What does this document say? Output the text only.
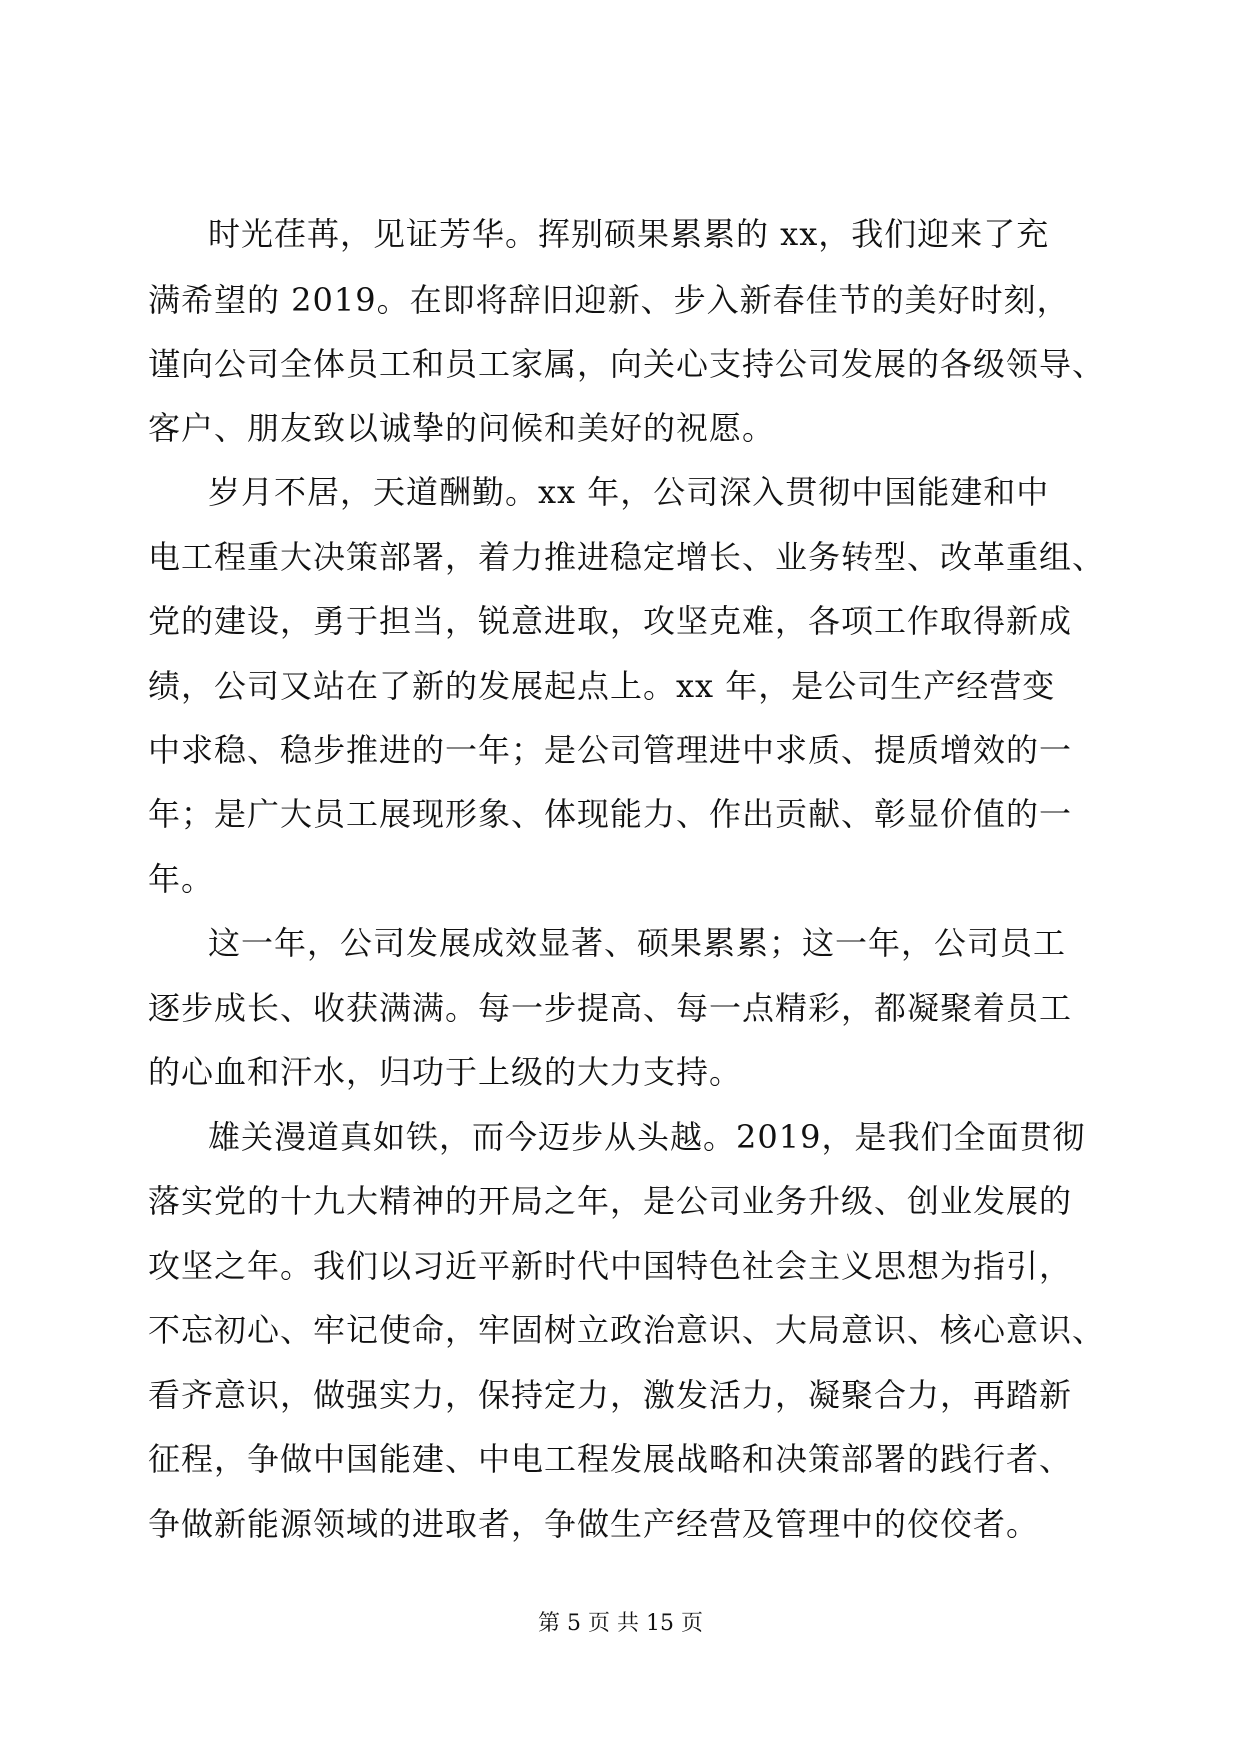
时光荏苒，见证芳华。挥别硕果累累的 xx，我们迎来了充
满希望的 2019。在即将辞旧迎新、步入新春佳节的美好时刻，
谨向公司全体员工和员工家属，向关心支持公司发展的各级领导、
客户、朋友致以诚挚的问候和美好的祝愿。
岁月不居，天道酬勤。xx 年，公司深入贯彻中国能建和中
电工程重大决策部署，着力推进稳定增长、业务转型、改革重组、
党的建设，勇于担当，锐意进取，攻坚克难，各项工作取得新成
绩，公司又站在了新的发展起点上。xx 年，是公司生产经营变
中求稳、稳步推进的一年；是公司管理进中求质、提质增效的一
年；是广大员工展现形象、体现能力、作出贡献、彰显价值的一
年。
这一年，公司发展成效显著、硕果累累；这一年，公司员工
逐步成长、收获满满。每一步提高、每一点精彩，都凝聚着员工
的心血和汗水，归功于上级的大力支持。
雄关漫道真如铁，而今迈步从头越。2019，是我们全面贯彻
落实党的十九大精神的开局之年，是公司业务升级、创业发展的
攻坚之年。我们以习近平新时代中国特色社会主义思想为指引，
不忘初心、牢记使命，牢固树立政治意识、大局意识、核心意识、
看齐意识，做强实力，保持定力，激发活力，凝聚合力，再踏新
征程，争做中国能建、中电工程发展战略和决策部署的践行者、
争做新能源领域的进取者，争做生产经营及管理中的佼佼者。
第 5 页 共 15 页
